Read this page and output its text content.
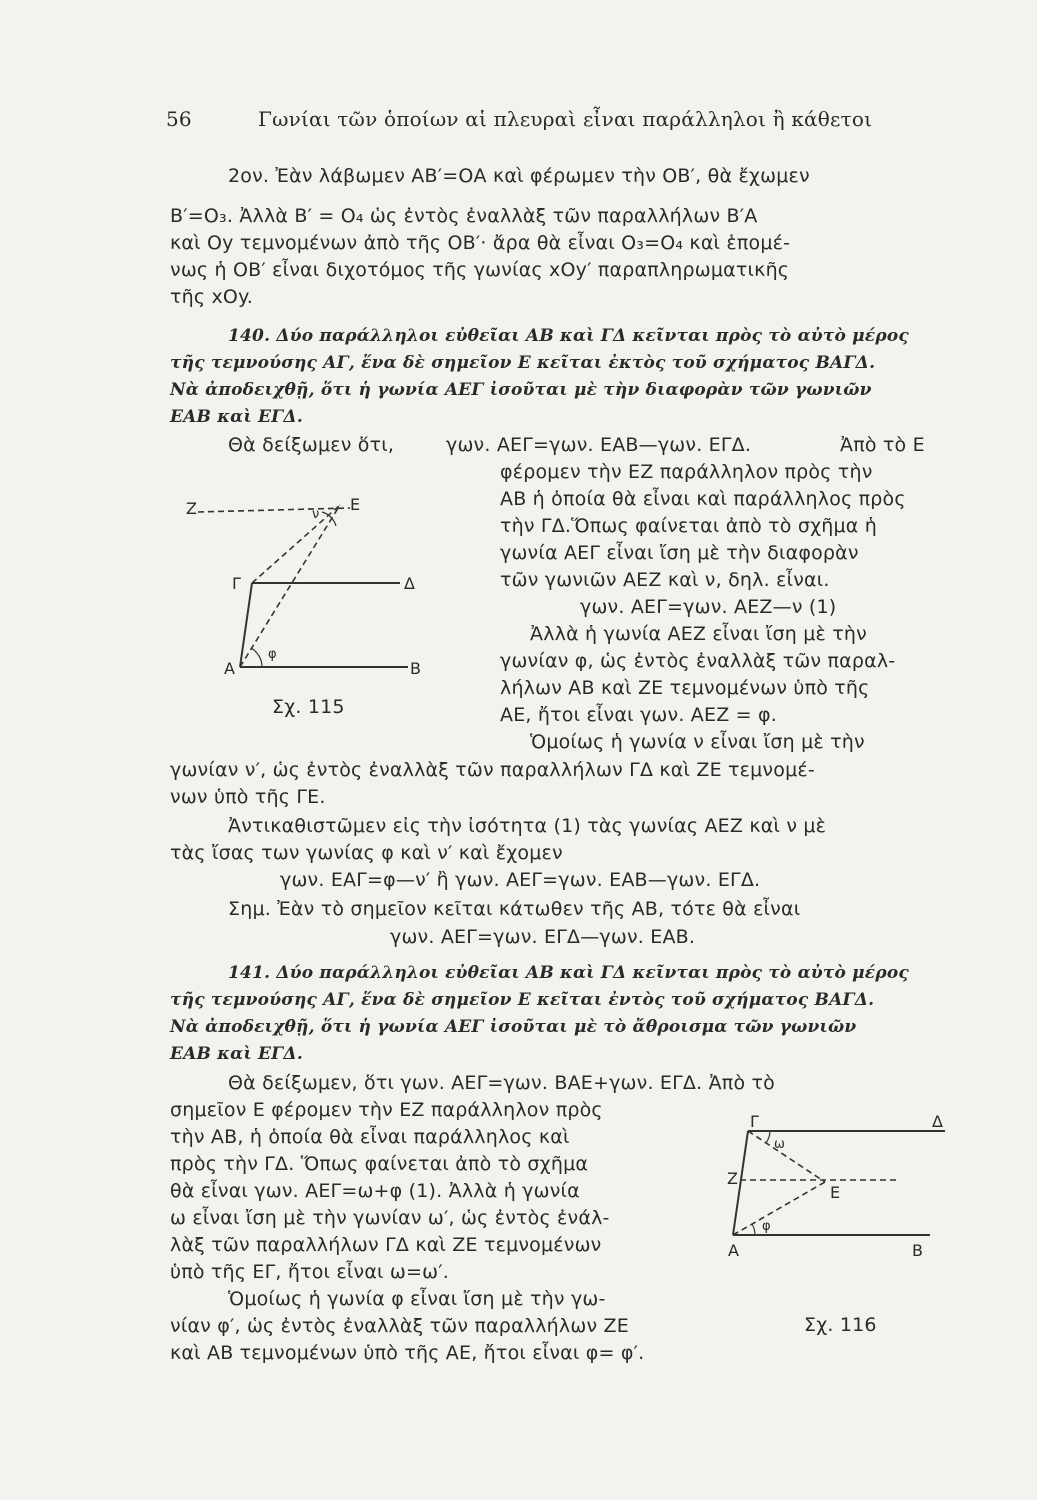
56	Γωνίαι τῶν ὁποίων αἱ πλευραὶ εἶναι παράλληλοι ἢ κάθετοι
2ον. Ἐὰν λάβωμεν ΑΒ′=ΟΑ καὶ φέρωμεν τὴν ΟΒ′, θὰ ἔχωμεν
Β′=Ο₃. Ἀλλὰ B′ = Ο₄ ὡς ἐντὸς ἐναλλὰξ τῶν παραλλήλων Β′Α
καὶ Οy τεμνομένων ἀπὸ τῆς ΟΒ′· ἄρα θὰ εἶναι Ο₃=Ο₄ καὶ ἑπομέ-
νως ἡ ΟΒ′ εἶναι διχοτόμος τῆς γωνίας xOy′ παραπληρωματικῆς
τῆς xOy.
140. Δύο παράλληλοι εὐθεῖαι ΑΒ καὶ ΓΔ κεῖνται πρὸς τὸ αὐτὸ μέρος
τῆς τεμνούσης ΑΓ, ἕνα δὲ σημεῖον Ε κεῖται ἐκτὸς τοῦ σχήματος ΒΑΓΔ.
Νὰ ἀποδειχθῇ, ὅτι ἡ γωνία ΑΕΓ ἰσοῦται μὲ τὴν διαφορὰν τῶν γωνιῶν
ΕΑΒ καὶ ΕΓΔ.
Θὰ δείξωμεν ὅτι,	γων. ΑΕΓ=γων. ΕΑΒ—γων. ΕΓΔ.	Ἀπὸ τὸ Ε
φέρομεν τὴν ΕΖ παράλληλον πρὸς τὴν
ΑΒ ἡ ὁποία θὰ εἶναι καὶ παράλληλος πρὸς
τὴν ΓΔ.Ὅπως φαίνεται ἀπὸ τὸ σχῆμα ἡ
γωνία ΑΕΓ εἶναι ἴση μὲ τὴν διαφορὰν
τῶν γωνιῶν ΑΕΖ καὶ ν, δηλ. εἶναι.
γων. ΑΕΓ=γων. ΑΕΖ—ν (1)
Ἀλλὰ ἡ γωνία ΑΕΖ εἶναι ἴση μὲ τὴν
γωνίαν φ, ὡς ἐντὸς ἐναλλὰξ τῶν παραλ-
λήλων ΑΒ καὶ ΖΕ τεμνομένων ὑπὸ τῆς
ΑΕ, ἤτοι εἶναι γων. ΑΕΖ = φ.
Ὁμοίως ἡ γωνία ν εἶναι ἴση μὲ τὴν
γωνίαν ν′, ὡς ἐντὸς ἐναλλὰξ τῶν παραλλήλων ΓΔ καὶ ΖΕ τεμνομέ-
νων ὑπὸ τῆς ΓΕ.
Ἀντικαθιστῶμεν εἰς τὴν ἰσότητα (1) τὰς γωνίας ΑΕΖ καὶ ν μὲ
τὰς ἴσας των γωνίας φ καὶ ν′ καὶ ἔχομεν
γων. ΕΑΓ=φ—ν′ ἢ γων. ΑΕΓ=γων. ΕΑΒ—γων. ΕΓΔ.
Σημ. Ἐὰν τὸ σημεῖον κεῖται κάτωθεν τῆς ΑΒ, τότε θὰ εἶναι
γων. ΑΕΓ=γων. ΕΓΔ—γων. ΕΑΒ.
141. Δύο παράλληλοι εὐθεῖαι ΑΒ καὶ ΓΔ κεῖνται πρὸς τὸ αὐτὸ μέρος
τῆς τεμνούσης ΑΓ, ἕνα δὲ σημεῖον Ε κεῖται ἐντὸς τοῦ σχήματος ΒΑΓΔ.
Νὰ ἀποδειχθῇ, ὅτι ἡ γωνία ΑΕΓ ἰσοῦται μὲ τὸ ἄθροισμα τῶν γωνιῶν
ΕΑΒ καὶ ΕΓΔ.
Θὰ δείξωμεν, ὅτι γων. ΑΕΓ=γων. ΒΑΕ+γων. ΕΓΔ. Ἀπὸ τὸ
σημεῖον Ε φέρομεν τὴν ΕΖ παράλληλον πρὸς
τὴν ΑΒ, ἡ ὁποία θὰ εἶναι παράλληλος καὶ
πρὸς τὴν ΓΔ. Ὅπως φαίνεται ἀπὸ τὸ σχῆμα
θὰ εἶναι γων. ΑΕΓ=ω+φ (1). Ἀλλὰ ἡ γωνία
ω εἶναι ἴση μὲ τὴν γωνίαν ω′, ὡς ἐντὸς ἐνάλ-
λὰξ τῶν παραλλήλων ΓΔ καὶ ΖΕ τεμνομένων
ὑπὸ τῆς ΕΓ, ἤτοι εἶναι ω=ω′.
Ὁμοίως ἡ γωνία φ εἶναι ἴση μὲ τὴν γω-
νίαν φ′, ὡς ἐντὸς ἐναλλὰξ τῶν παραλλήλων ΖΕ
καὶ ΑΒ τεμνομένων ὑπὸ τῆς ΑΕ, ἤτοι εἶναι φ= φ′.
Ζ	Ε
Γ	Δ
Α	Β
φ
ν
Σχ. 115
Γ	Δ
Ζ
Ε
Α	Β
ω
φ
Σχ. 116
